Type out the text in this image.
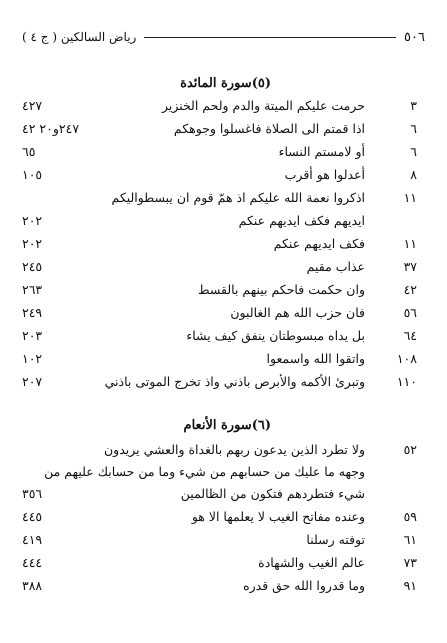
٥٠٦
رياض السالكين ( ج ٤ )
(٥)سورة المائدة
٣
حرمت عليكم الميتة والدم ولحم الخنزير
٤٢٧
٦
اذا قمتم الى الصلاة فاغسلوا وجوهكم
٢٤٧و٢٠ ٤٢
٦
أو لامستم النساء
٦٥
٨
أعدلوا هو أقرب
١٠٥
١١
اذكروا نعمة الله عليكم اذ همّ قوم ان يبسطواليكم
ايديهم فكف ايديهم عنكم
٢٠٢
١١
فكف ايديهم عنكم
٢٠٢
٣٧
عذاب مقيم
٢٤٥
٤٢
وان حكمت فاحكم بينهم بالقسط
٢٦٣
٥٦
فان حزب الله هم الغالبون
٢٤٩
٦٤
بل يداه مبسوطتان ينفق كيف يشاء
٢٠٣
١٠٨
واتقوا الله واسمعوا
١٠٢
١١٠
وتبرئ الأكمه والأبرص باذني واذ تخرج الموتى باذني
٢٠٧
(٦)سورة الأنعام
٥٢
ولا تطرد الذين يدعون ربهم بالغداة والعشي يريدون
وجهه ما عليك من حسابهم من شيء وما من حسابك عليهم من
شيء فتطردهم فتكون من الظالمين
٣٥٦
٥٩
وعنده مفاتح الغيب لا يعلمها الا هو
٤٤٥
٦١
توفته رسلنا
٤١٩
٧٣
عالم الغيب والشهادة
٤٤٤
٩١
وما قدروا الله حق قدره
٣٨٨
